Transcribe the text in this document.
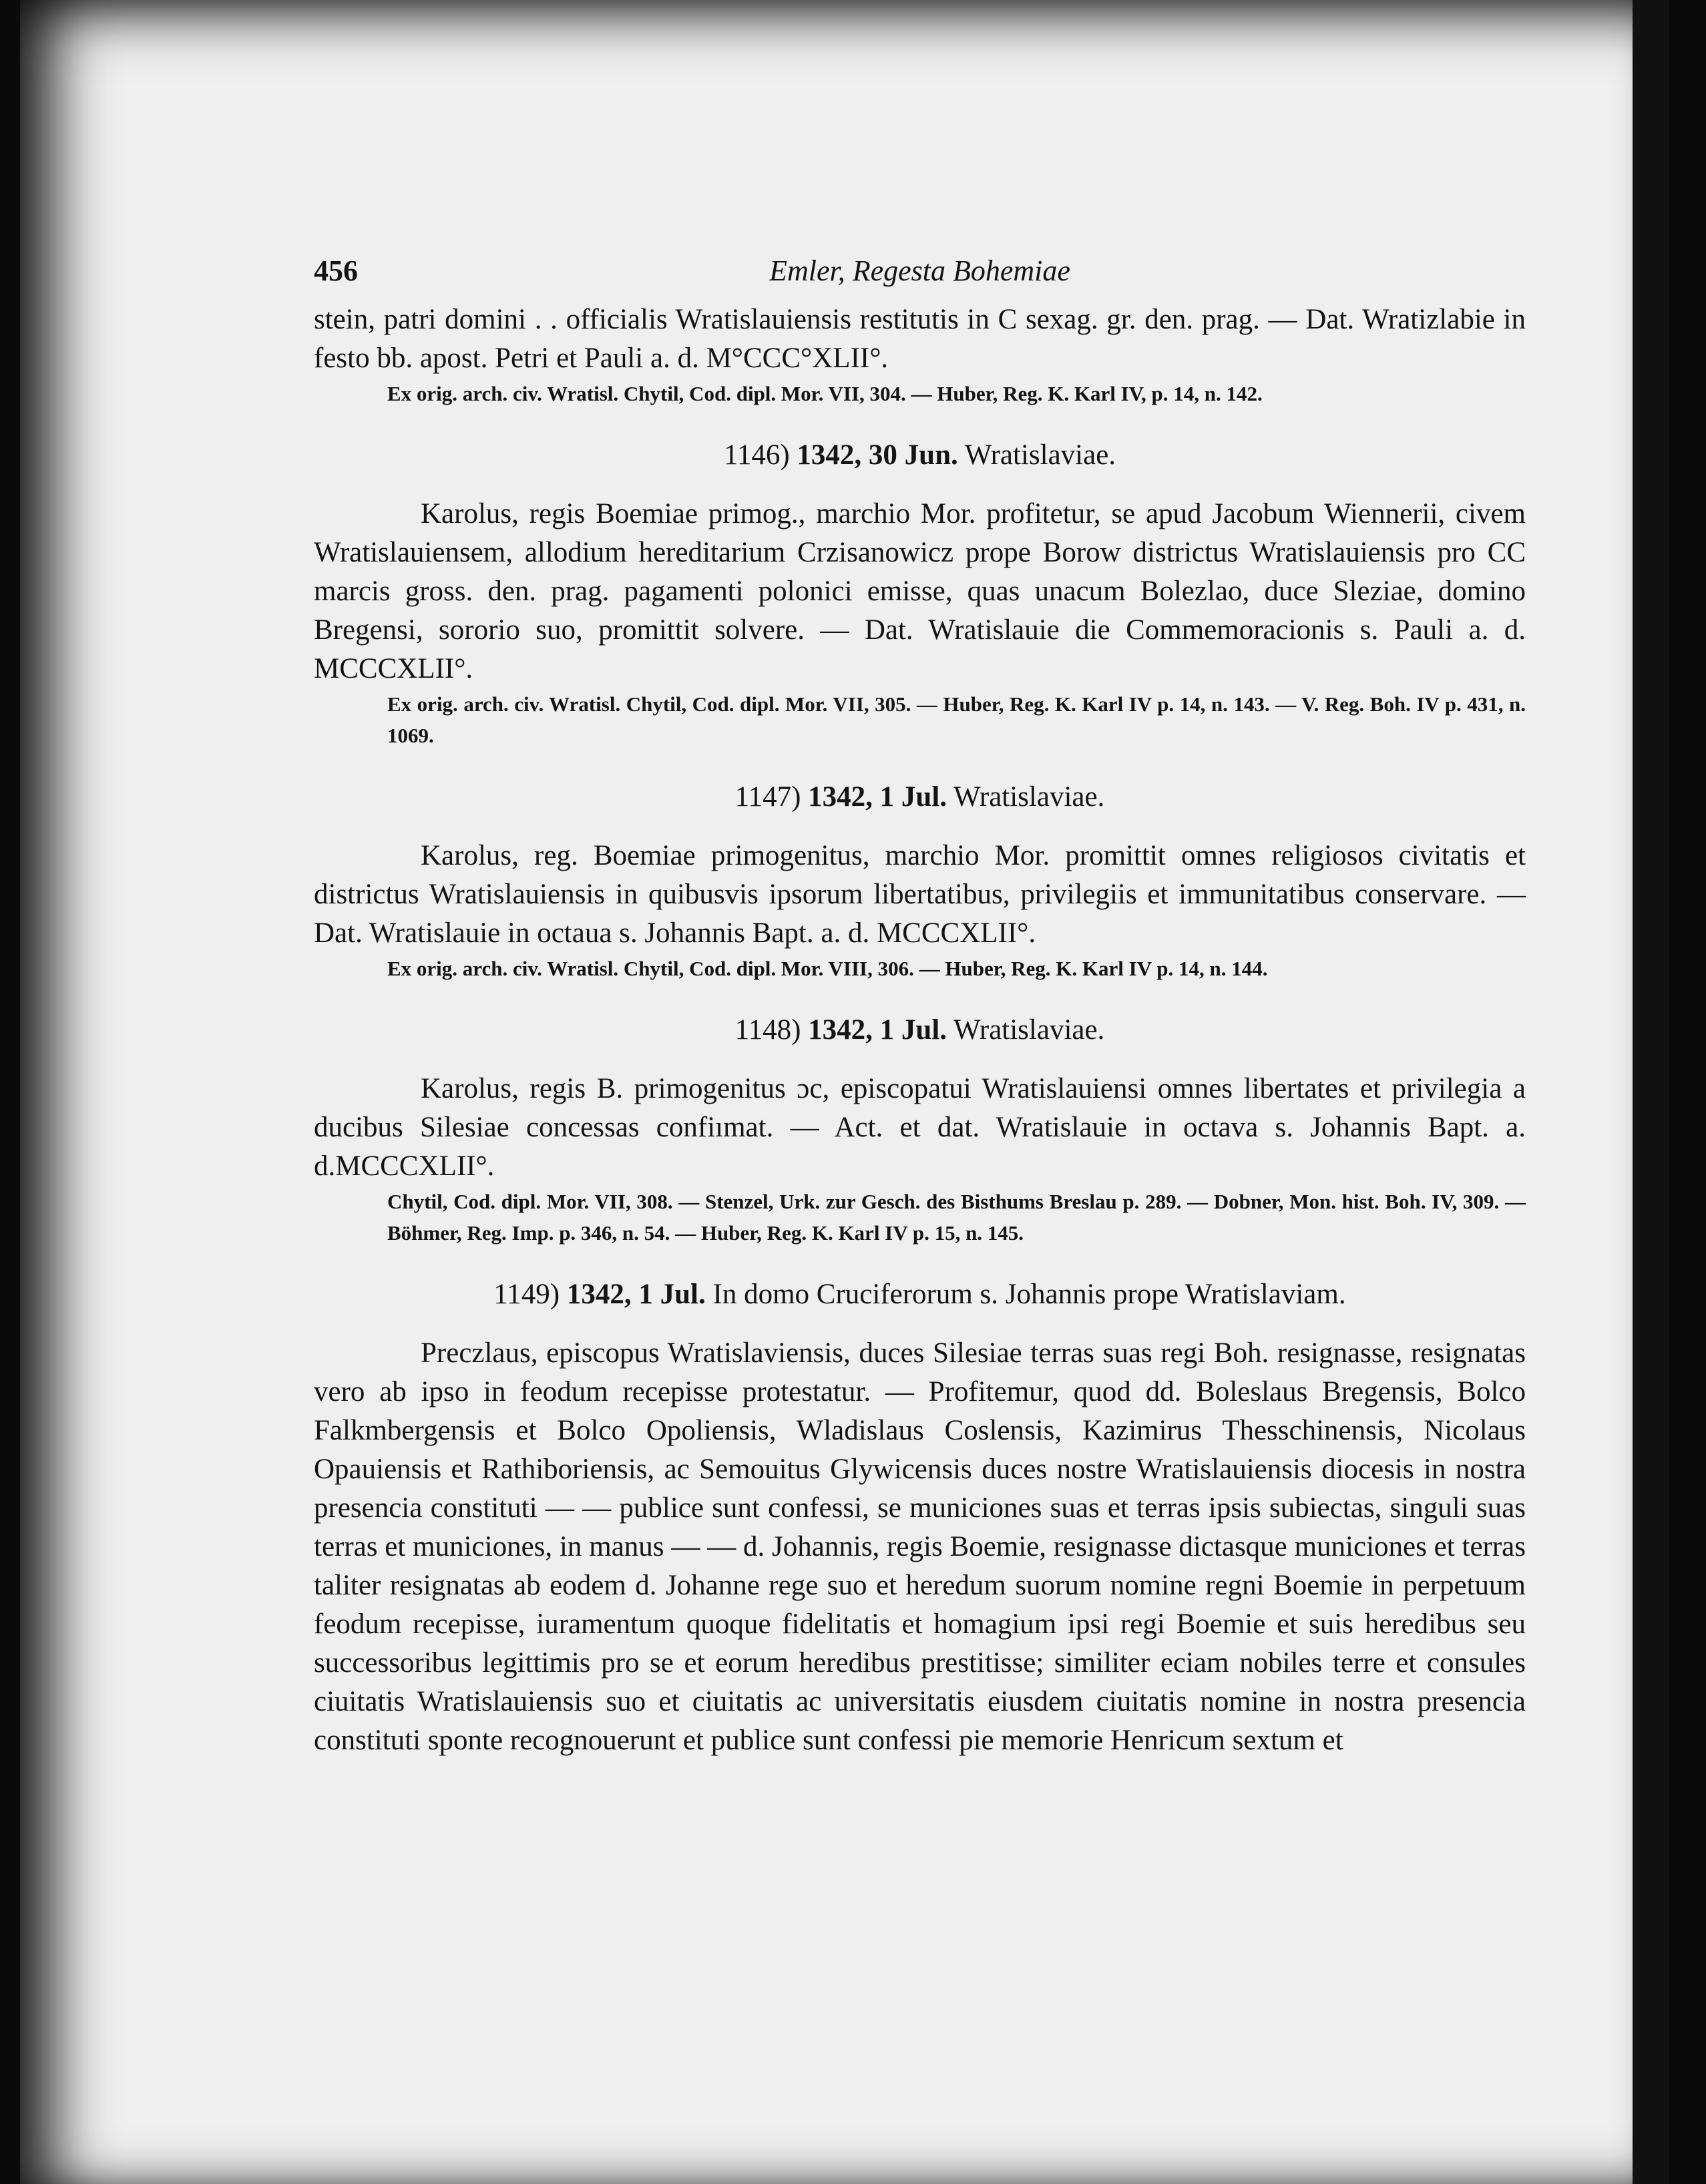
456	Emler, Regesta Bohemiae

stein, patri domini . . officialis Wratislauiensis restitutis in C sexag. gr. den. prag. — Dat. Wratizlabie in festo bb. apost. Petri et Pauli a. d. M°CCC°XLII°.

Ex orig. arch. civ. Wratisl. Chytil, Cod. dipl. Mor. VII, 304. — Huber, Reg. K. Karl IV, p. 14, n. 142.

1146) 1342, 30 Jun. Wratislaviae.

Karolus, regis Boemiae primog., marchio Mor. profitetur, se apud Jacobum Wiennerii, civem Wratislauiensem, allodium hereditarium Crzisanowicz prope Borow districtus Wratislauiensis pro CC marcis gross. den. prag. pagamenti polonici emisse, quas unacum Bolezlao, duce Sleziae, domino Bregensi, sororio suo, promittit solvere. — Dat. Wratislauie die Commemoracionis s. Pauli a. d. MCCCXLII°.

Ex orig. arch. civ. Wratisl. Chytil, Cod. dipl. Mor. VII, 305. — Huber, Reg. K. Karl IV p. 14, n. 143. — V. Reg. Boh. IV p. 431, n. 1069.

1147) 1342, 1 Jul. Wratislaviae.

Karolus, reg. Boemiae primogenitus, marchio Mor. promittit omnes religiosos civitatis et districtus Wratislauiensis in quibusvis ipsorum libertatibus, privilegiis et immunitatibus conservare. — Dat. Wratislauie in octaua s. Johannis Bapt. a. d. MCCCXLII°.

Ex orig. arch. civ. Wratisl. Chytil, Cod. dipl. Mor. VIII, 306. — Huber, Reg. K. Karl IV p. 14, n. 144.

1148) 1342, 1 Jul. Wratislaviae.

Karolus, regis B. primogenitus ɔc, episcopatui Wratislauiensi omnes libertates et privilegia a ducibus Silesiae concessas confiımat. — Act. et dat. Wratislauie in octava s. Johannis Bapt. a. d.MCCCXLII°.

Chytil, Cod. dipl. Mor. VII, 308. — Stenzel, Urk. zur Gesch. des Bisthums Breslau p. 289. — Dobner, Mon. hist. Boh. IV, 309. — Böhmer, Reg. Imp. p. 346, n. 54. — Huber, Reg. K. Karl IV p. 15, n. 145.

1149) 1342, 1 Jul. In domo Cruciferorum s. Johannis prope Wratislaviam.

Preczlaus, episcopus Wratislaviensis, duces Silesiae terras suas regi Boh. resignasse, resignatas vero ab ipso in feodum recepisse protestatur. — Profitemur, quod dd. Boleslaus Bregensis, Bolco Falkmbergensis et Bolco Opoliensis, Wladislaus Coslensis, Kazimirus Thesschinensis, Nicolaus Opauiensis et Rathiboriensis, ac Semouitus Glywicensis duces nostre Wratislauiensis diocesis in nostra presencia constituti — — publice sunt confessi, se municiones suas et terras ipsis subiectas, singuli suas terras et municiones, in manus — — d. Johannis, regis Boemie, resignasse dictasque municiones et terras taliter resignatas ab eodem d. Johanne rege suo et heredum suorum nomine regni Boemie in perpetuum feodum recepisse, iuramentum quoque fidelitatis et homagium ipsi regi Boemie et suis heredibus seu successoribus legittimis pro se et eorum heredibus prestitisse; similiter eciam nobiles terre et consules ciuitatis Wratislauiensis suo et ciuitatis ac universitatis eiusdem ciuitatis nomine in nostra presencia constituti sponte recognouerunt et publice sunt confessi pie memorie Henricum sextum et
